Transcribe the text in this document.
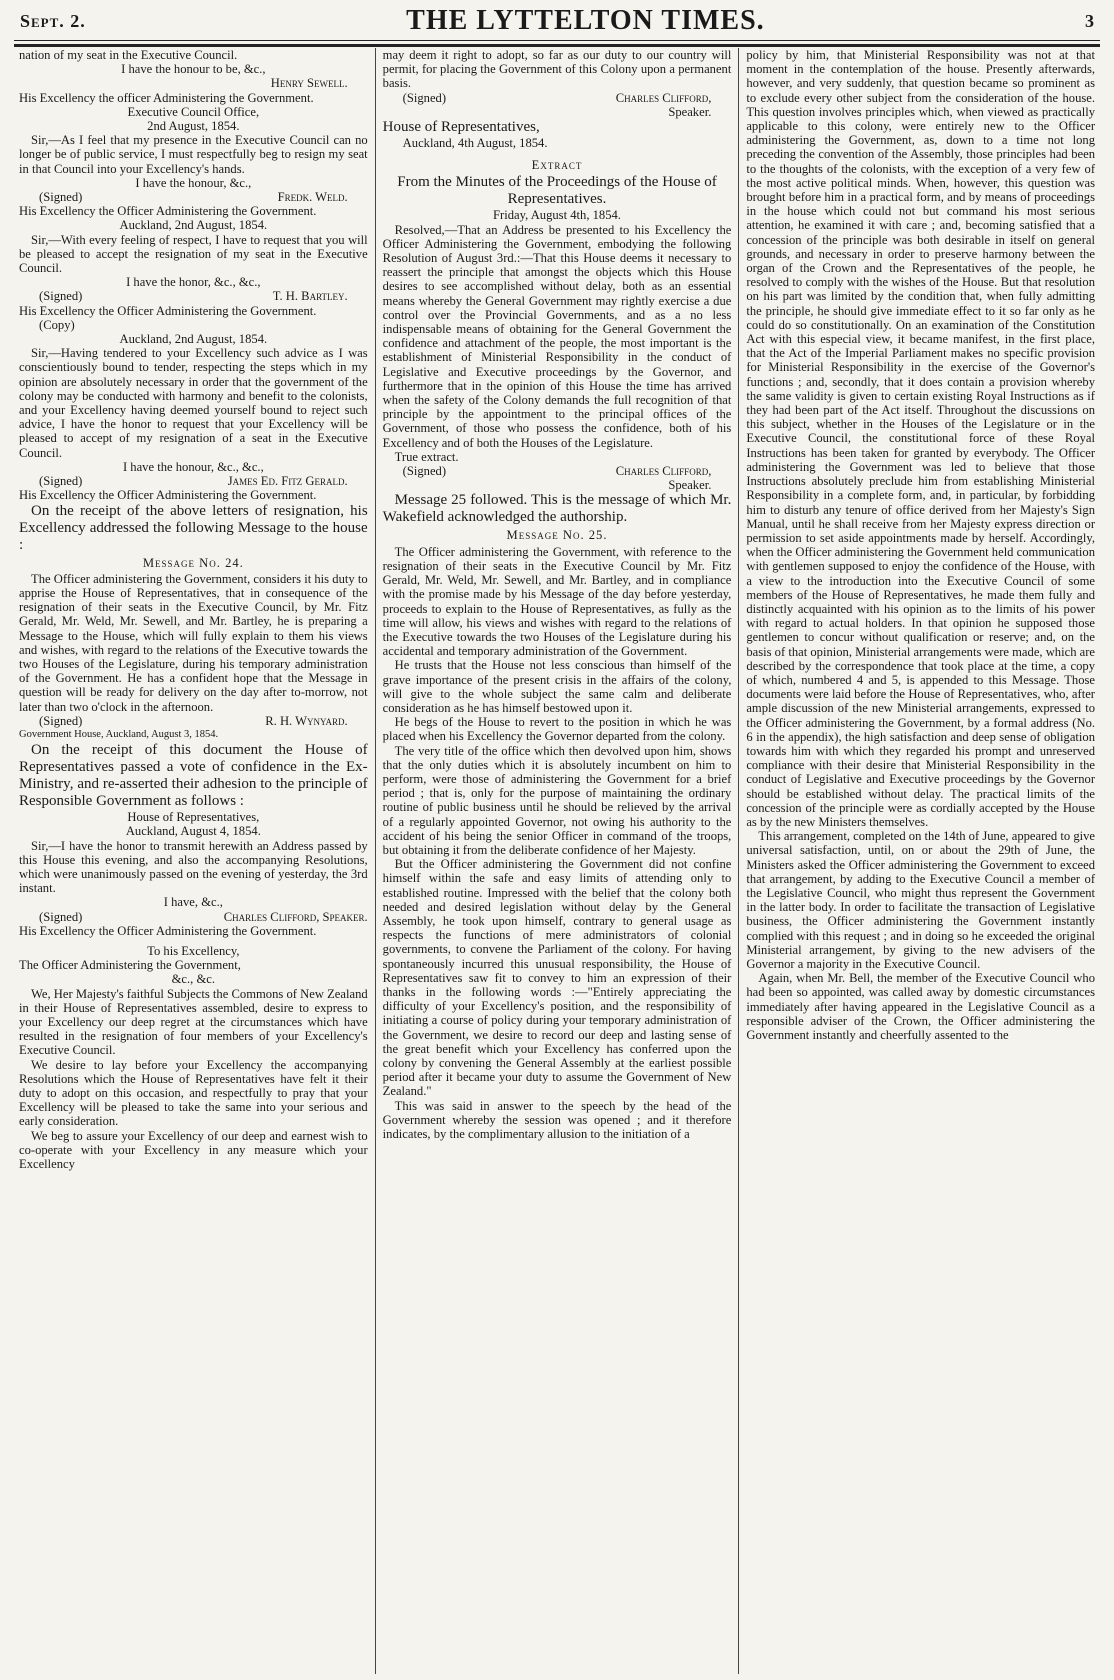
Sept. 2.	THE LYTTELTON TIMES.	3

nation of my seat in the Executive Council.

I have the honour to be, &c.,

Henry Sewell.

His Excellency the officer Administering the Government.

Executive Council Office,

2nd August, 1854.

Sir,—As I feel that my presence in the Executive Council can no longer be of public service, I must respectfully beg to resign my seat in that Council into your Excellency's hands.

I have the honour, &c.,

(Signed)	Fredk. Weld.

His Excellency the Officer Administering the Government.

Auckland, 2nd August, 1854.

Sir,—With every feeling of respect, I have to request that you will be pleased to accept the resignation of my seat in the Executive Council.

I have the honor, &c., &c.,

(Signed)	T. H. Bartley.

His Excellency the Officer Administering the Government.

(Copy)

Auckland, 2nd August, 1854.

Sir,—Having tendered to your Excellency such advice as I was conscientiously bound to tender, respecting the steps which in my opinion are absolutely necessary in order that the government of the colony may be conducted with harmony and benefit to the colonists, and your Excellency having deemed yourself bound to reject such advice, I have the honor to request that your Excellency will be pleased to accept of my resignation of a seat in the Executive Council.

I have the honour, &c., &c.,

(Signed)	James Ed. Fitz Gerald.

His Excellency the Officer Administering the Government.

On the receipt of the above letters of resignation, his Excellency addressed the following Message to the house :

Message No. 24.

The Officer administering the Government, considers it his duty to apprise the House of Representatives, that in consequence of the resignation of their seats in the Executive Council, by Mr. Fitz Gerald, Mr. Weld, Mr. Sewell, and Mr. Bartley, he is preparing a Message to the House, which will fully explain to them his views and wishes, with regard to the relations of the Executive towards the two Houses of the Legislature, during his temporary administration of the Government. He has a confident hope that the Message in question will be ready for delivery on the day after to-morrow, not later than two o'clock in the afternoon.

(Signed)	R. H. Wynyard.

Government House, Auckland, August 3, 1854.

On the receipt of this document the House of Representatives passed a vote of confidence in the Ex-Ministry, and re-asserted their adhesion to the principle of Responsible Government as follows :

House of Representatives,

Auckland, August 4, 1854.

Sir,—I have the honor to transmit herewith an Address passed by this House this evening, and also the accompanying Resolutions, which were unanimously passed on the evening of yesterday, the 3rd instant.

I have, &c.,

(Signed)	Charles Clifford, Speaker.

His Excellency the Officer Administering the Government.

To his Excellency,

The Officer Administering the Government,

&c., &c.

We, Her Majesty's faithful Subjects the Commons of New Zealand in their House of Representatives assembled, desire to express to your Excellency our deep regret at the circumstances which have resulted in the resignation of four members of your Excellency's Executive Council.

We desire to lay before your Excellency the accompanying Resolutions which the House of Representatives have felt it their duty to adopt on this occasion, and respectfully to pray that your Excellency will be pleased to take the same into your serious and early consideration.

We beg to assure your Excellency of our deep and earnest wish to co-operate with your Excellency in any measure which your Excellency

may deem it right to adopt, so far as our duty to our country will permit, for placing the Government of this Colony upon a permanent basis.

(Signed)	Charles Clifford,

Speaker.

House of Representatives,

Auckland, 4th August, 1854.

Extract

From the Minutes of the Proceedings of the House of Representatives.

Friday, August 4th, 1854.

Resolved,—That an Address be presented to his Excellency the Officer Administering the Government, embodying the following Resolution of August 3rd.:—That this House deems it necessary to reassert the principle that amongst the objects which this House desires to see accomplished without delay, both as an essential means whereby the General Government may rightly exercise a due control over the Provincial Governments, and as a no less indispensable means of obtaining for the General Government the confidence and attachment of the people, the most important is the establishment of Ministerial Responsibility in the conduct of Legislative and Executive proceedings by the Governor, and furthermore that in the opinion of this House the time has arrived when the safety of the Colony demands the full recognition of that principle by the appointment to the principal offices of the Government, of those who possess the confidence, both of his Excellency and of both the Houses of the Legislature.

True extract.

(Signed)	Charles Clifford,

Speaker.

Message 25 followed. This is the message of which Mr. Wakefield acknowledged the authorship.

Message No. 25.

The Officer administering the Government, with reference to the resignation of their seats in the Executive Council by Mr. Fitz Gerald, Mr. Weld, Mr. Sewell, and Mr. Bartley, and in compliance with the promise made by his Message of the day before yesterday, proceeds to explain to the House of Representatives, as fully as the time will allow, his views and wishes with regard to the relations of the Executive towards the two Houses of the Legislature during his accidental and temporary administration of the Government.

He trusts that the House not less conscious than himself of the grave importance of the present crisis in the affairs of the colony, will give to the whole subject the same calm and deliberate consideration as he has himself bestowed upon it.

He begs of the House to revert to the position in which he was placed when his Excellency the Governor departed from the colony.

The very title of the office which then devolved upon him, shows that the only duties which it is absolutely incumbent on him to perform, were those of administering the Government for a brief period ; that is, only for the purpose of maintaining the ordinary routine of public business until he should be relieved by the arrival of a regularly appointed Governor, not owing his authority to the accident of his being the senior Officer in command of the troops, but obtaining it from the deliberate confidence of her Majesty.

But the Officer administering the Government did not confine himself within the safe and easy limits of attending only to established routine. Impressed with the belief that the colony both needed and desired legislation without delay by the General Assembly, he took upon himself, contrary to general usage as respects the functions of mere administrators of colonial governments, to convene the Parliament of the colony. For having spontaneously incurred this unusual responsibility, the House of Representatives saw fit to convey to him an expression of their thanks in the following words :—"Entirely appreciating the difficulty of your Excellency's position, and the responsibility of initiating a course of policy during your temporary administration of the Government, we desire to record our deep and lasting sense of the great benefit which your Excellency has conferred upon the colony by convening the General Assembly at the earliest possible period after it became your duty to assume the Government of New Zealand."

This was said in answer to the speech by the head of the Government whereby the session was opened ; and it therefore indicates, by the complimentary allusion to the initiation of a

policy by him, that Ministerial Responsibility was not at that moment in the contemplation of the house. Presently afterwards, however, and very suddenly, that question became so prominent as to exclude every other subject from the consideration of the house. This question involves principles which, when viewed as practically applicable to this colony, were entirely new to the Officer administering the Government, as, down to a time not long preceding the convention of the Assembly, those principles had been to the thoughts of the colonists, with the exception of a very few of the most active political minds. When, however, this question was brought before him in a practical form, and by means of proceedings in the house which could not but command his most serious attention, he examined it with care ; and, becoming satisfied that a concession of the principle was both desirable in itself on general grounds, and necessary in order to preserve harmony between the organ of the Crown and the Representatives of the people, he resolved to comply with the wishes of the House. But that resolution on his part was limited by the condition that, when fully admitting the principle, he should give immediate effect to it so far only as he could do so constitutionally. On an examination of the Constitution Act with this especial view, it became manifest, in the first place, that the Act of the Imperial Parliament makes no specific provision for Ministerial Responsibility in the exercise of the Governor's functions ; and, secondly, that it does contain a provision whereby the same validity is given to certain existing Royal Instructions as if they had been part of the Act itself. Throughout the discussions on this subject, whether in the Houses of the Legislature or in the Executive Council, the constitutional force of these Royal Instructions has been taken for granted by everybody. The Officer administering the Government was led to believe that those Instructions absolutely preclude him from establishing Ministerial Responsibility in a complete form, and, in particular, by forbidding him to disturb any tenure of office derived from her Majesty's Sign Manual, until he shall receive from her Majesty express direction or permission to set aside appointments made by herself. Accordingly, when the Officer administering the Government held communication with gentlemen supposed to enjoy the confidence of the House, with a view to the introduction into the Executive Council of some members of the House of Representatives, he made them fully and distinctly acquainted with his opinion as to the limits of his power with regard to actual holders. In that opinion he supposed those gentlemen to concur without qualification or reserve; and, on the basis of that opinion, Ministerial arrangements were made, which are described by the correspondence that took place at the time, a copy of which, numbered 4 and 5, is appended to this Message. Those documents were laid before the House of Representatives, who, after ample discussion of the new Ministerial arrangements, expressed to the Officer administering the Government, by a formal address (No. 6 in the appendix), the high satisfaction and deep sense of obligation towards him with which they regarded his prompt and unreserved compliance with their desire that Ministerial Responsibility in the conduct of Legislative and Executive proceedings by the Governor should be established without delay. The practical limits of the concession of the principle were as cordially accepted by the House as by the new Ministers themselves.

This arrangement, completed on the 14th of June, appeared to give universal satisfaction, until, on or about the 29th of June, the Ministers asked the Officer administering the Government to exceed that arrangement, by adding to the Executive Council a member of the Legislative Council, who might thus represent the Government in the latter body. In order to facilitate the transaction of Legislative business, the Officer administering the Government instantly complied with this request ; and in doing so he exceeded the original Ministerial arrangement, by giving to the new advisers of the Governor a majority in the Executive Council.

Again, when Mr. Bell, the member of the Executive Council who had been so appointed, was called away by domestic circumstances immediately after having appeared in the Legislative Council as a responsible adviser of the Crown, the Officer administering the Government instantly and cheerfully assented to the
